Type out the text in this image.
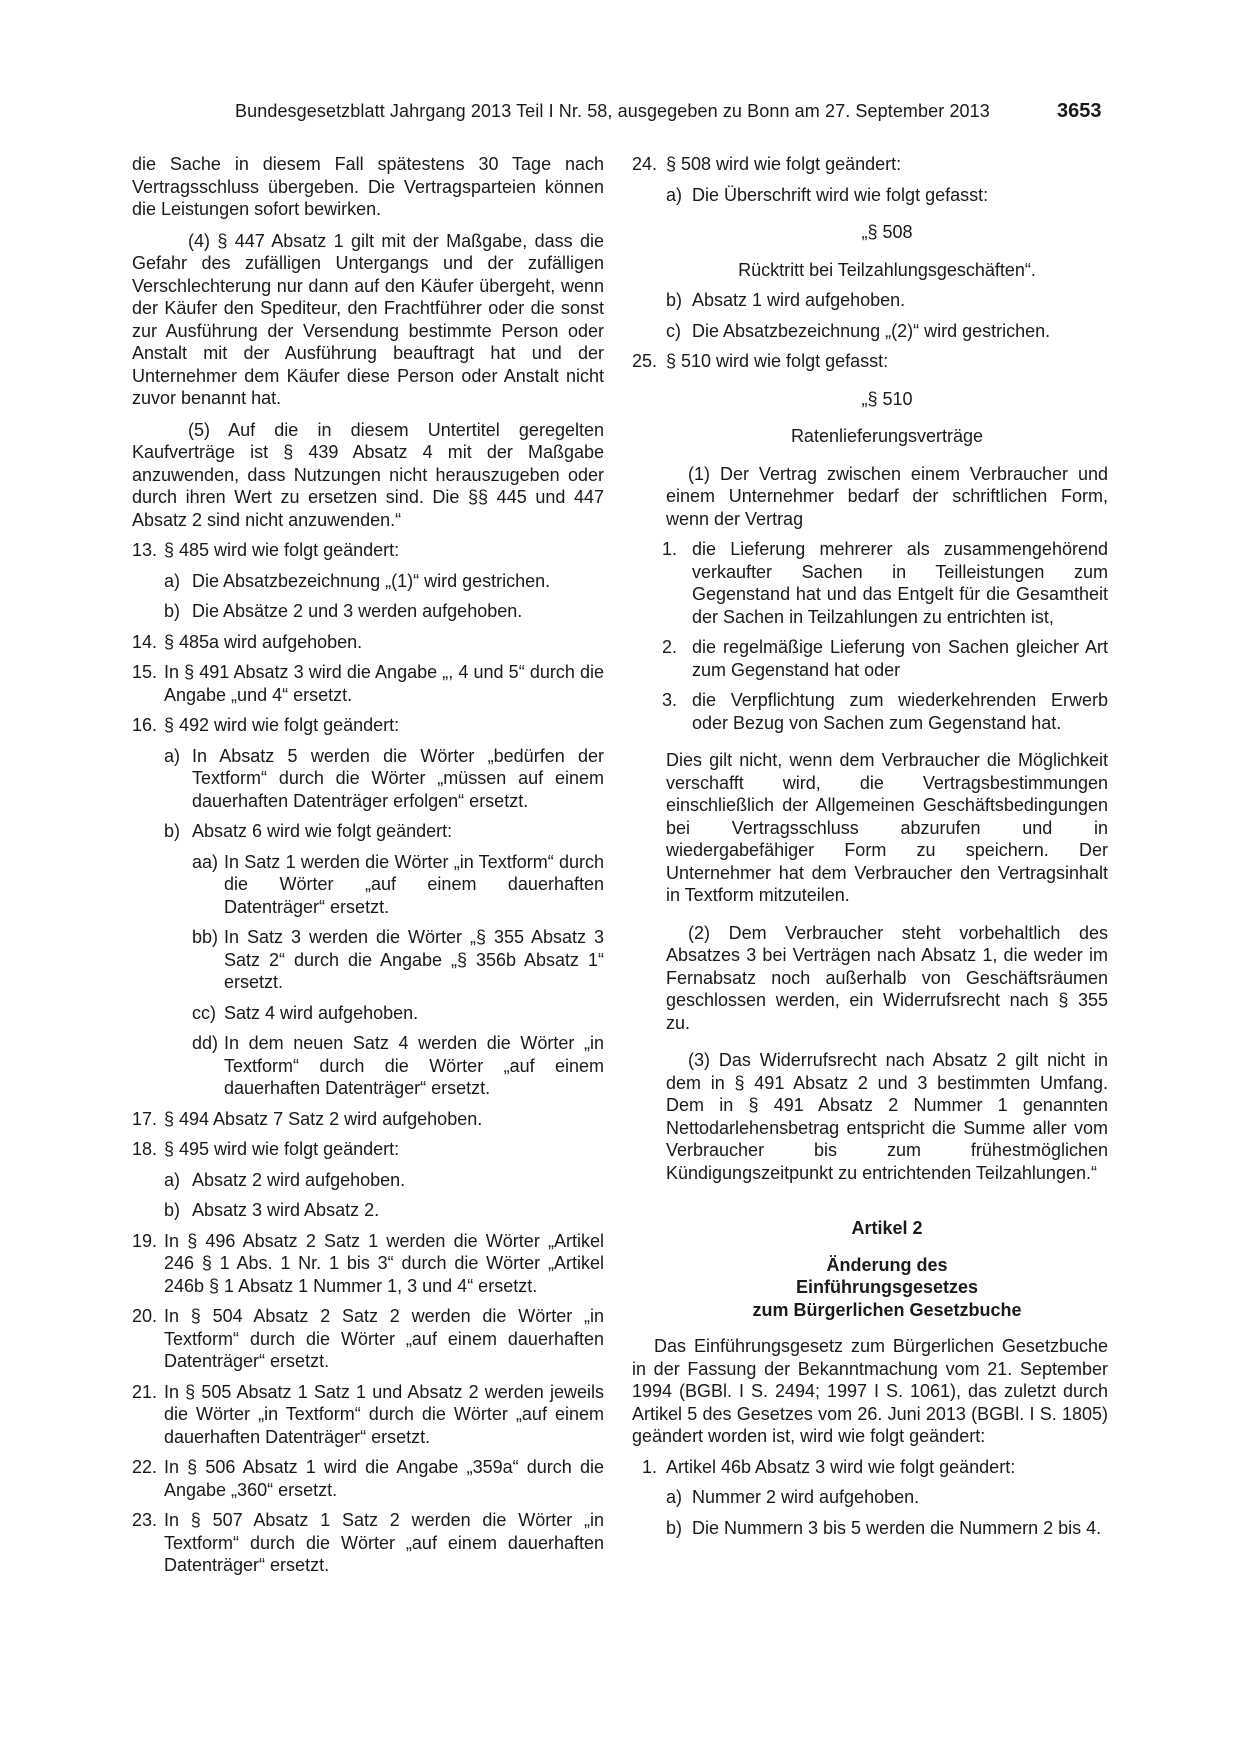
Bundesgesetzblatt Jahrgang 2013 Teil I Nr. 58, ausgegeben zu Bonn am 27. September 2013	3653

die Sache in diesem Fall spätestens 30 Tage nach Vertragsschluss übergeben. Die Vertragsparteien können die Leistungen sofort bewirken.

(4) § 447 Absatz 1 gilt mit der Maßgabe, dass die Gefahr des zufälligen Untergangs und der zufälligen Verschlechterung nur dann auf den Käufer übergeht, wenn der Käufer den Spediteur, den Frachtführer oder die sonst zur Ausführung der Versendung bestimmte Person oder Anstalt mit der Ausführung beauftragt hat und der Unternehmer dem Käufer diese Person oder Anstalt nicht zuvor benannt hat.

(5) Auf die in diesem Untertitel geregelten Kaufverträge ist § 439 Absatz 4 mit der Maßgabe anzuwenden, dass Nutzungen nicht herauszugeben oder durch ihren Wert zu ersetzen sind. Die §§ 445 und 447 Absatz 2 sind nicht anzuwenden.“

13. § 485 wird wie folgt geändert:
a) Die Absatzbezeichnung „(1)“ wird gestrichen.
b) Die Absätze 2 und 3 werden aufgehoben.
14. § 485a wird aufgehoben.
15. In § 491 Absatz 3 wird die Angabe „, 4 und 5“ durch die Angabe „und 4“ ersetzt.
16. § 492 wird wie folgt geändert:
a) In Absatz 5 werden die Wörter „bedürfen der Textform“ durch die Wörter „müssen auf einem dauerhaften Datenträger erfolgen“ ersetzt.
b) Absatz 6 wird wie folgt geändert:
aa) In Satz 1 werden die Wörter „in Textform“ durch die Wörter „auf einem dauerhaften Datenträger“ ersetzt.
bb) In Satz 3 werden die Wörter „§ 355 Absatz 3 Satz 2“ durch die Angabe „§ 356b Absatz 1“ ersetzt.
cc) Satz 4 wird aufgehoben.
dd) In dem neuen Satz 4 werden die Wörter „in Textform“ durch die Wörter „auf einem dauerhaften Datenträger“ ersetzt.
17. § 494 Absatz 7 Satz 2 wird aufgehoben.
18. § 495 wird wie folgt geändert:
a) Absatz 2 wird aufgehoben.
b) Absatz 3 wird Absatz 2.
19. In § 496 Absatz 2 Satz 1 werden die Wörter „Artikel 246 § 1 Abs. 1 Nr. 1 bis 3“ durch die Wörter „Artikel 246b § 1 Absatz 1 Nummer 1, 3 und 4“ ersetzt.
20. In § 504 Absatz 2 Satz 2 werden die Wörter „in Textform“ durch die Wörter „auf einem dauerhaften Datenträger“ ersetzt.
21. In § 505 Absatz 1 Satz 1 und Absatz 2 werden jeweils die Wörter „in Textform“ durch die Wörter „auf einem dauerhaften Datenträger“ ersetzt.
22. In § 506 Absatz 1 wird die Angabe „359a“ durch die Angabe „360“ ersetzt.
23. In § 507 Absatz 1 Satz 2 werden die Wörter „in Textform“ durch die Wörter „auf einem dauerhaften Datenträger“ ersetzt.
24. § 508 wird wie folgt geändert:
a) Die Überschrift wird wie folgt gefasst:

„§ 508

Rücktritt bei Teilzahlungsgeschäften“.

b) Absatz 1 wird aufgehoben.
c) Die Absatzbezeichnung „(2)“ wird gestrichen.
25. § 510 wird wie folgt gefasst:

„§ 510

Ratenlieferungsverträge

(1) Der Vertrag zwischen einem Verbraucher und einem Unternehmer bedarf der schriftlichen Form, wenn der Vertrag

1. die Lieferung mehrerer als zusammengehörend verkaufter Sachen in Teilleistungen zum Gegenstand hat und das Entgelt für die Gesamtheit der Sachen in Teilzahlungen zu entrichten ist,
2. die regelmäßige Lieferung von Sachen gleicher Art zum Gegenstand hat oder
3. die Verpflichtung zum wiederkehrenden Erwerb oder Bezug von Sachen zum Gegenstand hat.

Dies gilt nicht, wenn dem Verbraucher die Möglichkeit verschafft wird, die Vertragsbestimmungen einschließlich der Allgemeinen Geschäftsbedingungen bei Vertragsschluss abzurufen und in wiedergabefähiger Form zu speichern. Der Unternehmer hat dem Verbraucher den Vertragsinhalt in Textform mitzuteilen.

(2) Dem Verbraucher steht vorbehaltlich des Absatzes 3 bei Verträgen nach Absatz 1, die weder im Fernabsatz noch außerhalb von Geschäftsräumen geschlossen werden, ein Widerrufsrecht nach § 355 zu.

(3) Das Widerrufsrecht nach Absatz 2 gilt nicht in dem in § 491 Absatz 2 und 3 bestimmten Umfang. Dem in § 491 Absatz 2 Nummer 1 genannten Nettodarlehensbetrag entspricht die Summe aller vom Verbraucher bis zum frühestmöglichen Kündigungszeitpunkt zu entrichtenden Teilzahlungen.“

Artikel 2

Änderung des

Einführungsgesetzes

zum Bürgerlichen Gesetzbuche

Das Einführungsgesetz zum Bürgerlichen Gesetzbuche in der Fassung der Bekanntmachung vom 21. September 1994 (BGBl. I S. 2494; 1997 I S. 1061), das zuletzt durch Artikel 5 des Gesetzes vom 26. Juni 2013 (BGBl. I S. 1805) geändert worden ist, wird wie folgt geändert:

1. Artikel 46b Absatz 3 wird wie folgt geändert:
a) Nummer 2 wird aufgehoben.
b) Die Nummern 3 bis 5 werden die Nummern 2 bis 4.
